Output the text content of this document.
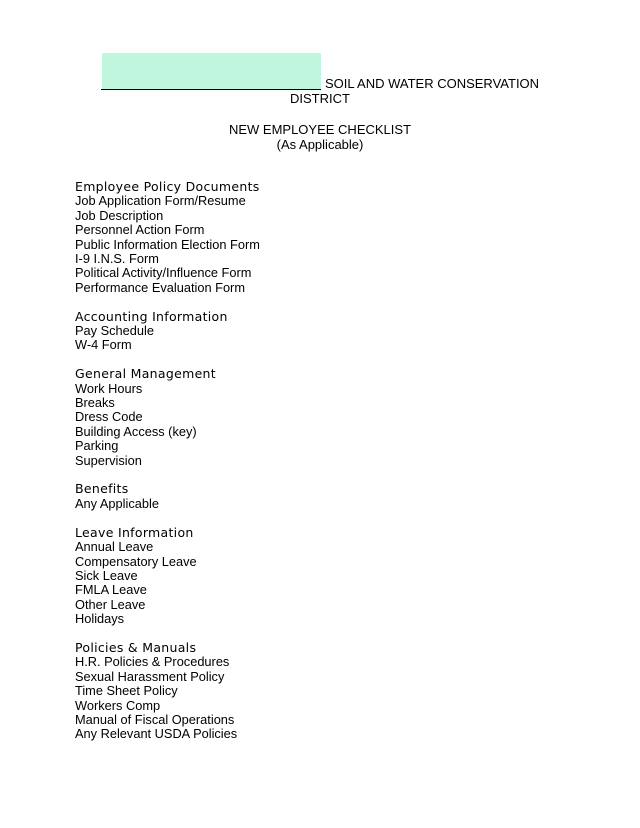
SOIL AND WATER CONSERVATION
DISTRICT
NEW EMPLOYEE CHECKLIST
(As Applicable)
Employee Policy Documents
Job Application Form/Resume
Job Description
Personnel Action Form
Public Information Election Form
I-9 I.N.S. Form
Political Activity/Influence Form
Performance Evaluation Form
Accounting Information
Pay Schedule
W-4 Form
General Management
Work Hours
Breaks
Dress Code
Building Access (key)
Parking
Supervision
Benefits
Any Applicable
Leave Information
Annual Leave
Compensatory Leave
Sick Leave
FMLA Leave
Other Leave
Holidays
Policies & Manuals
H.R. Policies & Procedures
Sexual Harassment Policy
Time Sheet Policy
Workers Comp
Manual of Fiscal Operations
Any Relevant USDA Policies
